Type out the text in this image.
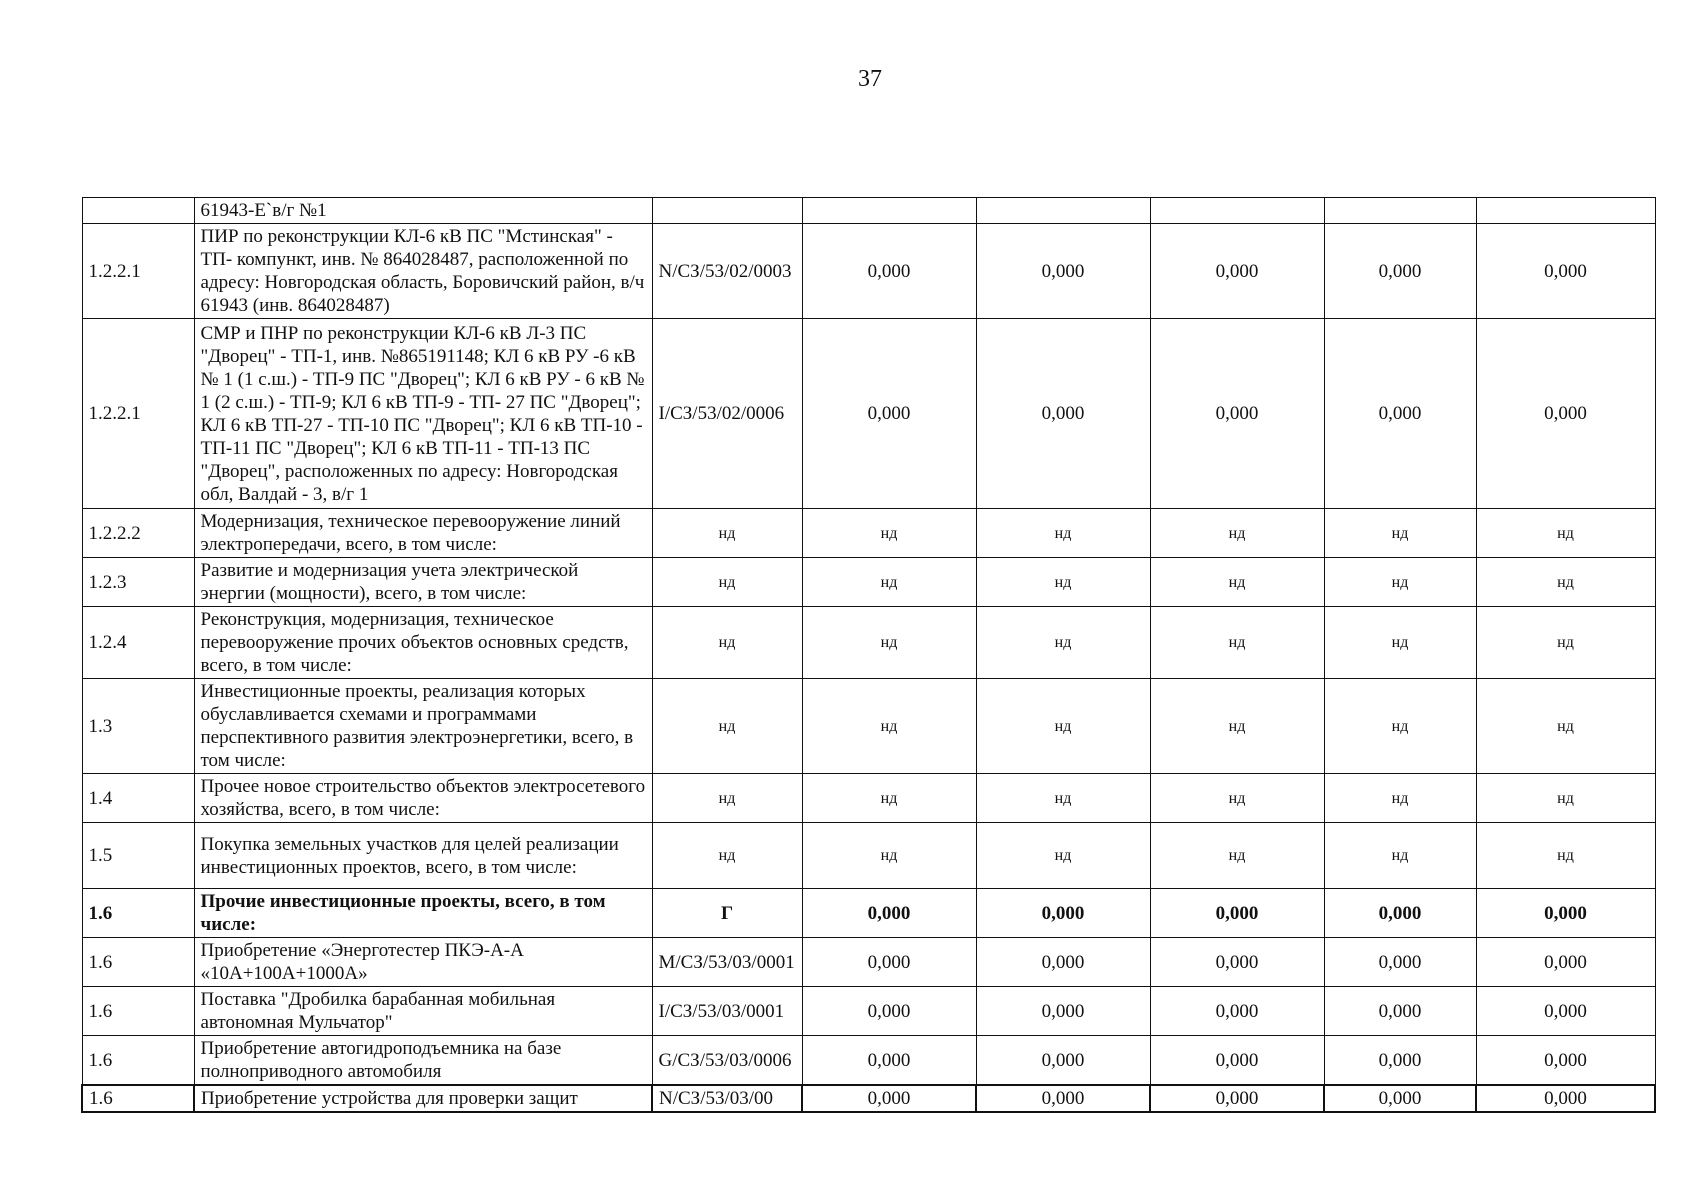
37
	61943-Е`в/г №1						
1.2.2.1	ПИР по реконструкции КЛ-6 кВ ПС "Мстинская" - ТП- компункт, инв. № 864028487, расположенной по адресу: Новгородская область, Боровичский район, в/ч 61943 (инв. 864028487)	N/СЗ/53/02/0003	0,000	0,000	0,000	0,000	0,000
1.2.2.1	СМР и ПНР по реконструкции КЛ-6 кВ Л-3 ПС "Дворец" - ТП-1, инв. №865191148; КЛ 6 кВ РУ -6 кВ № 1 (1 с.ш.) - ТП-9 ПС "Дворец"; КЛ 6 кВ РУ - 6 кВ № 1 (2 с.ш.) - ТП-9; КЛ 6 кВ ТП-9 - ТП- 27 ПС "Дворец"; КЛ 6 кВ ТП-27 - ТП-10 ПС "Дворец"; КЛ 6 кВ ТП-10 - ТП-11 ПС "Дворец"; КЛ 6 кВ ТП-11 - ТП-13 ПС "Дворец", расположенных по адресу: Новгородская обл, Валдай - 3, в/г 1	I/СЗ/53/02/0006	0,000	0,000	0,000	0,000	0,000
1.2.2.2	Модернизация, техническое перевооружение линий электропередачи, всего, в том числе:	нд	нд	нд	нд	нд	нд
1.2.3	Развитие и модернизация учета электрической энергии (мощности), всего, в том числе:	нд	нд	нд	нд	нд	нд
1.2.4	Реконструкция, модернизация, техническое перевооружение прочих объектов основных средств, всего, в том числе:	нд	нд	нд	нд	нд	нд
1.3	Инвестиционные проекты, реализация которых обуславливается схемами и программами перспективного развития электроэнергетики, всего, в том числе:	нд	нд	нд	нд	нд	нд
1.4	Прочее новое строительство объектов электросетевого хозяйства, всего, в том числе:	нд	нд	нд	нд	нд	нд
1.5	Покупка земельных участков для целей реализации инвестиционных проектов, всего, в том числе:	нд	нд	нд	нд	нд	нд
1.6	Прочие инвестиционные проекты, всего, в том числе:	Г	0,000	0,000	0,000	0,000	0,000
1.6	Приобретение «Энерготестер ПКЭ-А-А «10А+100А+1000А»	M/СЗ/53/03/0001	0,000	0,000	0,000	0,000	0,000
1.6	Поставка "Дробилка барабанная мобильная автономная Мульчатор"	I/СЗ/53/03/0001	0,000	0,000	0,000	0,000	0,000
1.6	Приобретение автогидроподъемника на базе полноприводного автомобиля	G/СЗ/53/03/0006	0,000	0,000	0,000	0,000	0,000
1.6	Приобретение устройства для проверки защит	N/СЗ/53/03/00	0,000	0,000	0,000	0,000	0,000
